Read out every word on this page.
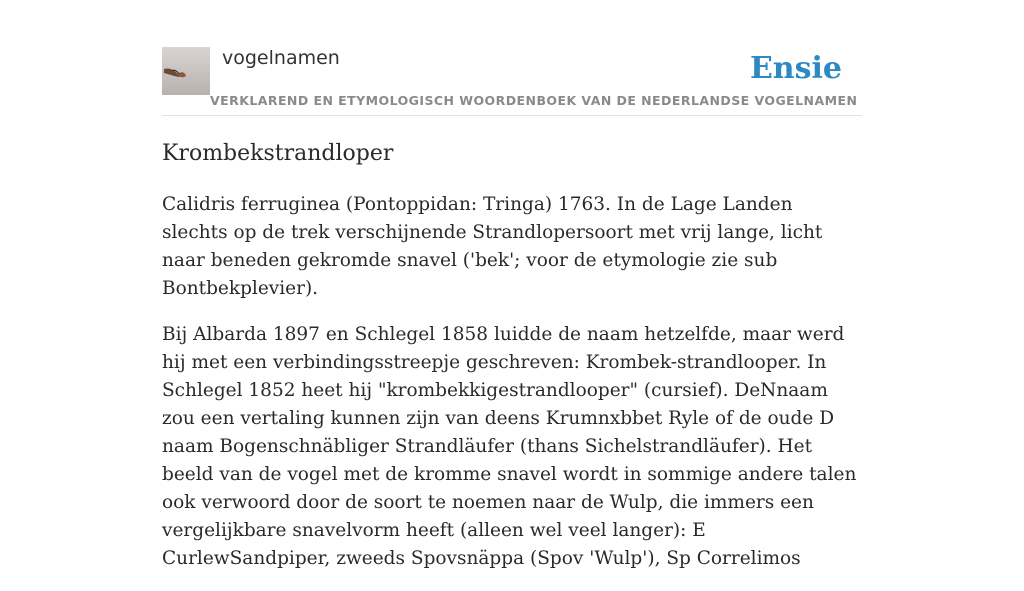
vogelnamen	Ensie
VERKLAREND EN ETYMOLOGISCH WOORDENBOEK VAN DE NEDERLANDSE VOGELNAMEN
Krombekstrandloper

Calidris ferruginea (Pontoppidan: Tringa) 1763. In de Lage Landen slechts op de trek verschijnende Strandlopersoort met vrij lange, licht naar beneden gekromde snavel ('bek'; voor de etymologie zie sub Bontbekplevier).

Bij Albarda 1897 en Schlegel 1858 luidde de naam hetzelfde, maar werd hij met een verbindingsstreepje geschreven: Krombek-strandlooper. In Schlegel 1852 heet hij "krombekkigestrandlooper" (cursief). DeNnaam zou een vertaling kunnen zijn van deens Krumnxbbet Ryle of de oude D naam Bogenschnäbliger Strandläufer (thans Sichelstrandläufer). Het beeld van de vogel met de kromme snavel wordt in sommige andere talen ook verwoord door de soort te noemen naar de Wulp, die immers een vergelijkbare snavelvorm heeft (alleen wel veel langer): E CurlewSandpiper, zweeds Spovsnäppa (Spov 'Wulp'), Sp Correlimos
